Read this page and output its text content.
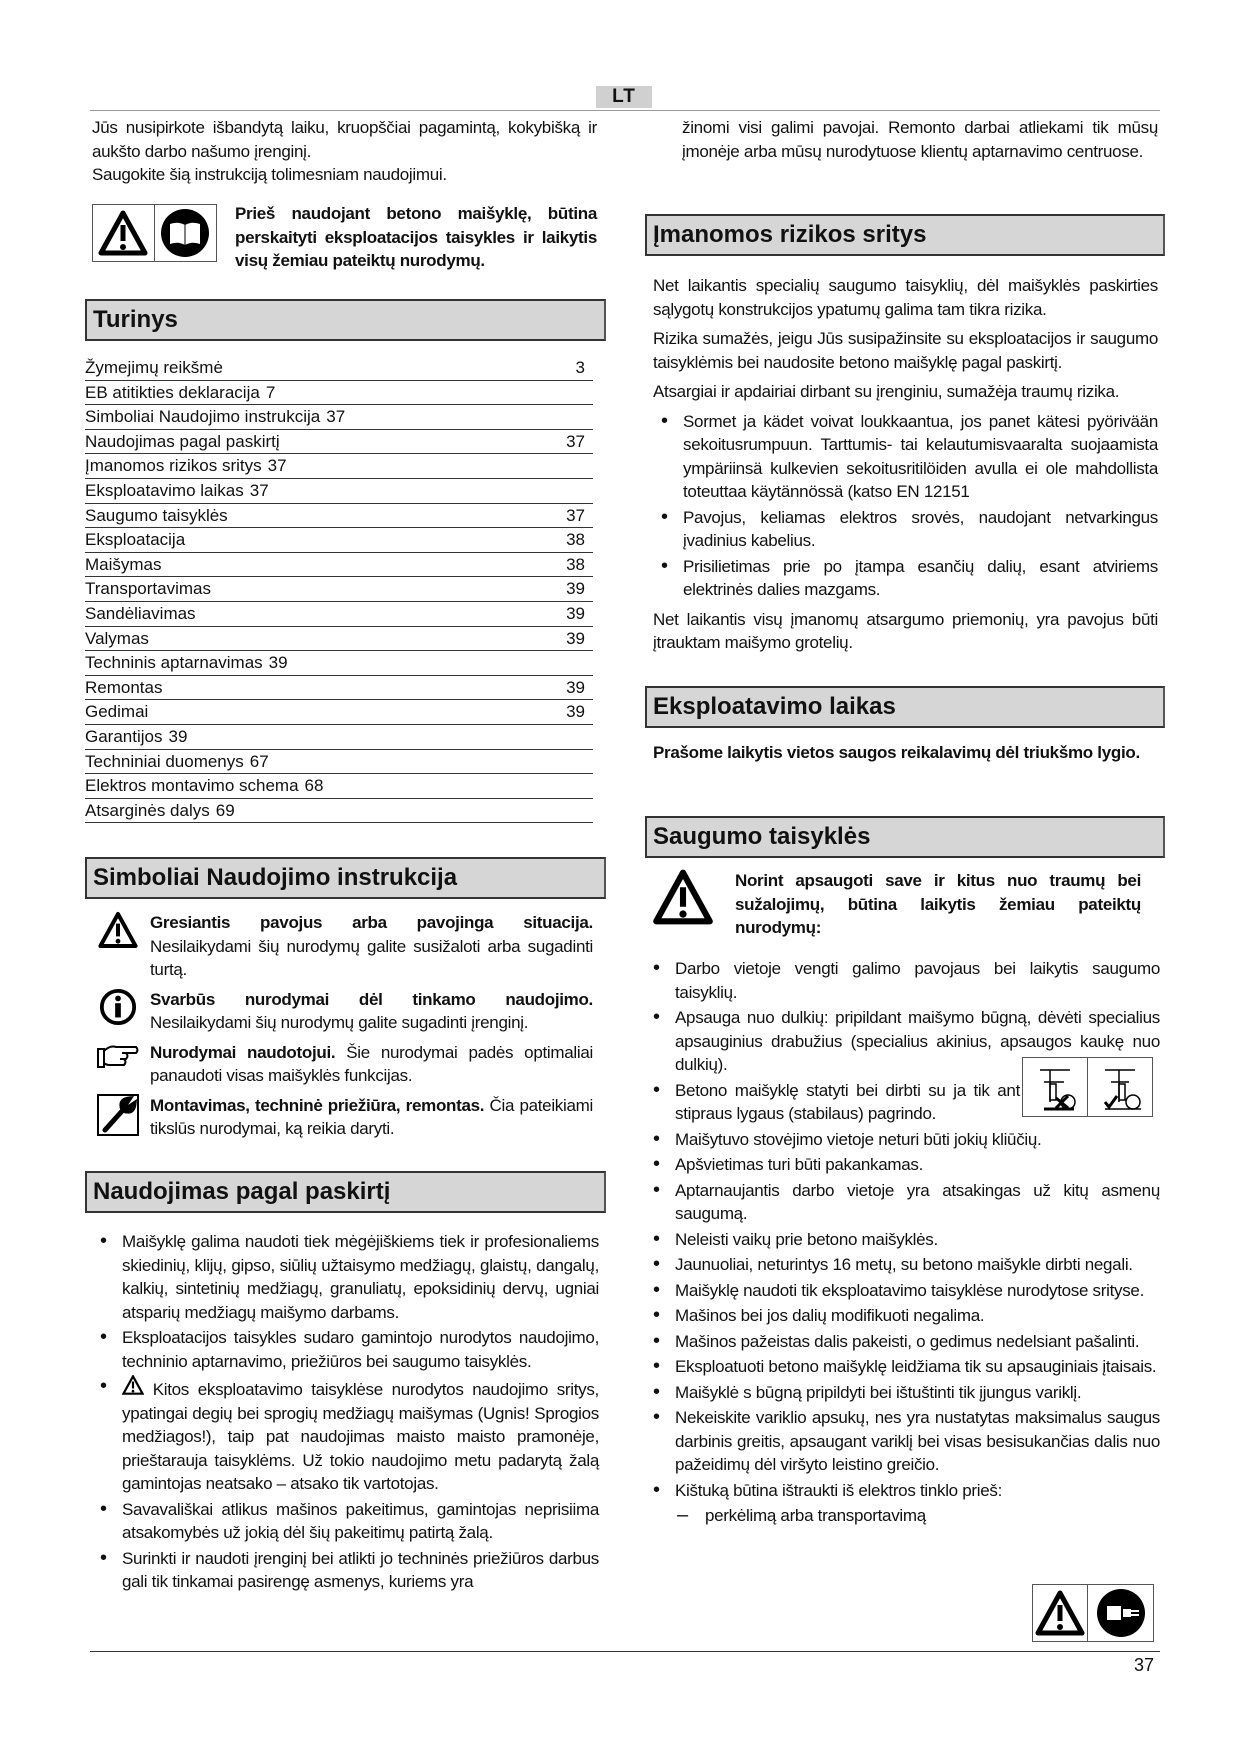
LT
Jūs nusipirkote išbandytą laiku, kruopščiai pagamintą, kokybišką ir aukšto darbo našumo įrenginį.
Saugokite šią instrukciją tolimesniam naudojimui.
Prieš naudojant betono maišyklę, būtina perskaityti eksploatacijos taisykles ir laikytis visų žemiau pateiktų nurodymų.
Turinys
Žymejimų reikšmė	3
EB atitikties deklaracija 7
Simboliai Naudojimo instrukcija 37
Naudojimas pagal paskirtį	37
Įmanomos rizikos sritys 37
Eksploatavimo laikas 37
Saugumo taisyklės	37
Eksploatacija	38
Maišymas	38
Transportavimas	39
Sandėliavimas	39
Valymas	39
Techninis aptarnavimas 39
Remontas	39
Gedimai	39
Garantijos 39
Techniniai duomenys 67
Elektros montavimo schema 68
Atsarginės dalys 69
Simboliai Naudojimo instrukcija
Gresiantis pavojus arba pavojinga situacija. Nesilaikydami šių nurodymų galite susižaloti arba sugadinti turtą.
Svarbūs nurodymai dėl tinkamo naudojimo. Nesilaikydami šių nurodymų galite sugadinti įrenginį.
Nurodymai naudotojui. Šie nurodymai padės optimaliai panaudoti visas maišyklės funkcijas.
Montavimas, techninė priežiūra, remontas. Čia pateikiami tikslūs nurodymai, ką reikia daryti.
Naudojimas pagal paskirtį
• Maišyklę galima naudoti tiek mėgėjiškiems tiek ir profesionaliems skiedinių, klijų, gipso, siūlių užtaisymo medžiagų, glaistų, dangalų, kalkių, sintetinių medžiagų, granuliatų, epoksidinių dervų, ugniai atsparių medžiagų maišymo darbams.
• Eksploatacijos taisykles sudaro gamintojo nurodytos naudojimo, techninio aptarnavimo, priežiūros bei saugumo taisyklės.
• Kitos eksploatavimo taisyklėse nurodytos naudojimo sritys, ypatingai degių bei sprogių medžiagų maišymas (Ugnis! Sprogios medžiagos!), taip pat naudojimas maisto maisto pramonėje, prieštarauja taisyklėms. Už tokio naudojimo metu padarytą žalą gamintojas neatsako – atsako tik vartotojas.
• Savavališkai atlikus mašinos pakeitimus, gamintojas neprisiima atsakomybės už jokią dėl šių pakeitimų patirtą žalą.
• Surinkti ir naudoti įrenginį bei atlikti jo techninės priežiūros darbus gali tik tinkamai pasirengę asmenys, kuriems yra
žinomi visi galimi pavojai. Remonto darbai atliekami tik mūsų įmonėje arba mūsų nurodytuose klientų aptarnavimo centruose.
Įmanomos rizikos sritys

Net laikantis specialių saugumo taisyklių, dėl maišyklės paskirties sąlygotų konstrukcijos ypatumų galima tam tikra rizika.

Rizika sumažės, jeigu Jūs susipažinsite su eksploatacijos ir saugumo taisyklėmis bei naudosite betono maišyklę pagal paskirtį.

Atsargiai ir apdairiai dirbant su įrenginiu, sumažėja traumų rizika.

• Sormet ja kädet voivat loukkaantua, jos panet kätesi pyörivään sekoitusrumpuun. Tarttumis- tai kelautumisvaaralta suojaamista ympäriinsä kulkevien sekoitusritilöiden avulla ei ole mahdollista toteuttaa käytännössä (katso EN 12151
• Pavojus, keliamas elektros srovės, naudojant netvarkingus įvadinius kabelius.
• Prisilietimas prie po įtampa esančių dalių, esant atviriems elektrinės dalies mazgams.

Net laikantis visų įmanomų atsargumo priemonių, yra pavojus būti įtrauktam maišymo grotelių.

Eksploatavimo laikas
Prašome laikytis vietos saugos reikalavimų dėl triukšmo lygio.
Saugumo taisyklės
Norint apsaugoti save ir kitus nuo traumų bei sužalojimų, būtina laikytis žemiau pateiktų nurodymų:
• Darbo vietoje vengti galimo pavojaus bei laikytis saugumo taisyklių.
• Apsauga nuo dulkių: pripildant maišymo būgną, dėvėti specialius apsauginius drabužius (specialius akinius, apsaugos kaukę nuo dulkių).
• Betono maišyklę statyti bei dirbti su ja tik ant stipraus lygaus (stabilaus) pagrindo.
• Maišytuvo stovėjimo vietoje neturi būti jokių kliūčių.
• Apšvietimas turi būti pakankamas.
• Aptarnaujantis darbo vietoje yra atsakingas už kitų asmenų saugumą.
• Neleisti vaikų prie betono maišyklės.
• Jaunuoliai, neturintys 16 metų, su betono maišykle dirbti negali.
• Maišyklę naudoti tik eksploatavimo taisyklėse nurodytose srityse.
• Mašinos bei jos dalių modifikuoti negalima.
• Mašinos pažeistas dalis pakeisti, o gedimus nedelsiant pašalinti.
• Eksploatuoti betono maišyklę leidžiama tik su apsauginiais įtaisais.
• Maišyklė s būgną pripildyti bei ištuštinti tik įjungus variklį.
• Nekeiskite variklio apsukų, nes yra nustatytas maksimalus saugus darbinis greitis, apsaugant variklį bei visas besisukančias dalis nuo pažeidimų dėl viršyto leistino greičio.
• Kištuką būtina ištraukti iš elektros tinklo prieš:
– perkėlimą arba transportavimą
37
